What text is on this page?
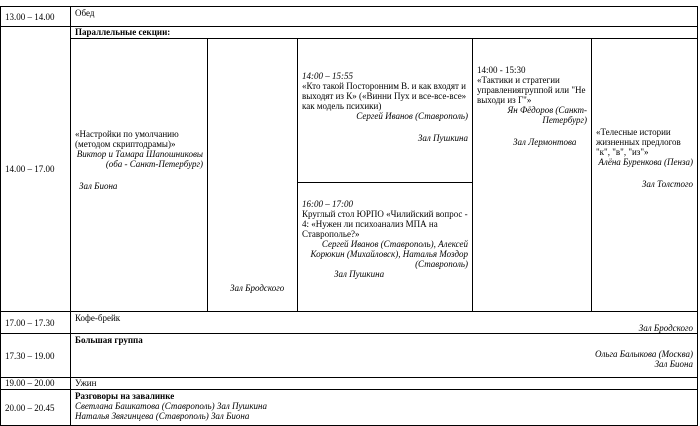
13.00 – 14.00	Обед
14.00 – 17.00
Параллельные секции:
«Настройки по умолчанию (методом скриптодрамы)»
Виктор и Тамара Шапошниковы
(оба - Санкт-Петербург)
Зал Биона
Зал Бродского
14:00 – 15:55
«Кто такой Посторонним В. и как входят и выходят из К» («Винни Пух и все-все-все» как модель психики)
Сергей Иванов (Ставрополь)
Зал Пушкина
16:00 – 17:00
Круглый стол ЮРПО «Чилийский вопрос - 4: «Нужен ли психоанализ МПА на Ставрополье?»
Сергей Иванов (Ставрополь), Алексей Корюкин (Михайловск), Наталья Моздор (Ставрополь)
Зал Пушкина
14:00 - 15:30
«Тактики и стратегии управлениягруппой или "Не выходи из Г"»
Ян Фёдоров (Санкт-Петербург)
Зал Лермонтова
«Телесные истории жизненных предлогов "к", "в", "из"»
Алёна Буренкова (Пенза)
Зал Толстого
17.00 – 17.30 Кофе-брейк
Зал Бродского
17.30 – 19.00
Большая группа
Ольга Балыкова (Москва)
Зал Биона
19.00 – 20.00	Ужин
20.00 – 20.45
Разговоры на завалинке
Светлана Башкатова (Ставрополь) Зал Пушкина
Наталья Звягинцева (Ставрополь) Зал Биона
